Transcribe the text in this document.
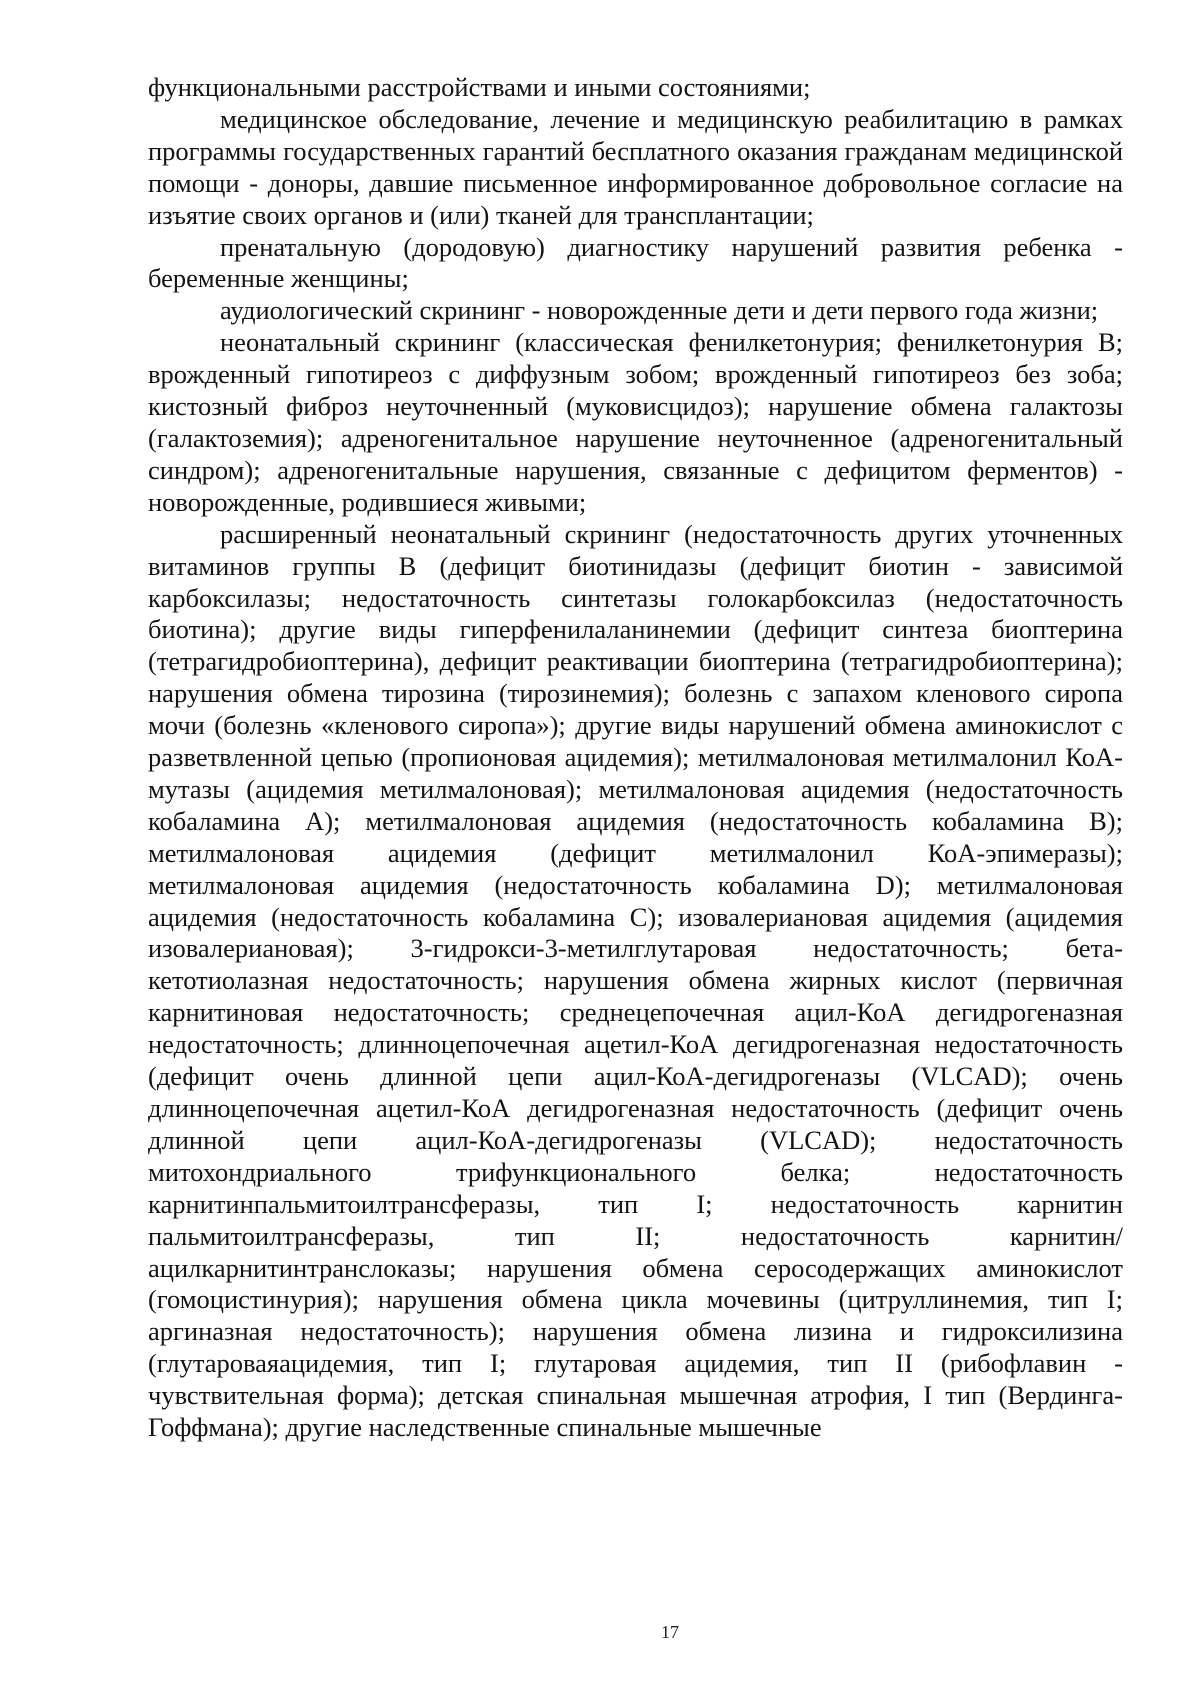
функциональными расстройствами и иными состояниями;

медицинское обследование, лечение и медицинскую реабилитацию в рамках программы государственных гарантий бесплатного оказания гражданам медицинской помощи - доноры, давшие письменное информированное добровольное согласие на изъятие своих органов и (или) тканей для трансплантации;

пренатальную (дородовую) диагностику нарушений развития ребенка - беременные женщины;

аудиологический скрининг - новорожденные дети и дети первого года жизни;

неонатальный скрининг (классическая фенилкетонурия; фенилкетонурия В; врожденный гипотиреоз с диффузным зобом; врожденный гипотиреоз без зоба; кистозный фиброз неуточненный (муковисцидоз); нарушение обмена галактозы (галактоземия); адреногенитальное нарушение неуточненное (адреногенитальный синдром); адреногенитальные нарушения, связанные с дефицитом ферментов) - новорожденные, родившиеся живыми;

расширенный неонатальный скрининг (недостаточность других уточненных витаминов группы В (дефицит биотинидазы (дефицит биотин - зависимой карбоксилазы; недостаточность синтетазы голокарбоксилаз (недостаточность биотина); другие виды гиперфенилаланинемии (дефицит синтеза биоптерина (тетрагидробиоптерина), дефицит реактивации биоптерина (тетрагидробиоптерина); нарушения обмена тирозина (тирозинемия); болезнь с запахом кленового сиропа мочи (болезнь «кленового сиропа»); другие виды нарушений обмена аминокислот с разветвленной цепью (пропионовая ацидемия); метилмалоновая метилмалонил КоА-мутазы (ацидемия метилмалоновая); метилмалоновая ацидемия (недостаточность кобаламина А); метилмалоновая ацидемия (недостаточность кобаламина В); метилмалоновая ацидемия (дефицит метилмалонил КоА-эпимеразы); метилмалоновая ацидемия (недостаточность кобаламина D); метилмалоновая ацидемия (недостаточность кобаламина С); изовалериановая ацидемия (ацидемия изовалериановая); 3-гидрокси-3-метилглутаровая недостаточность; бета-кетотиолазная недостаточность; нарушения обмена жирных кислот (первичная карнитиновая недостаточность; среднецепочечная ацил-КоА дегидрогеназная недостаточность; длинноцепочечная ацетил-КоА дегидрогеназная недостаточность (дефицит очень длинной цепи ацил-КоА-дегидрогеназы (VLCAD); очень длинноцепочечная ацетил-КоА дегидрогеназная недостаточность (дефицит очень длинной цепи ацил-КоА-дегидрогеназы (VLCAD); недостаточность митохондриального трифункционального белка; недостаточность карнитинпальмитоилтрансферазы, тип I; недостаточность карнитин пальмитоилтрансферазы, тип II; недостаточность карнитин/ацилкарнитинтранслоказы; нарушения обмена серосодержащих аминокислот (гомоцистинурия); нарушения обмена цикла мочевины (цитруллинемия, тип I; аргиназная недостаточность); нарушения обмена лизина и гидроксилизина (глутароваяацидемия, тип I; глутаровая ацидемия, тип II (рибофлавин - чувствительная форма); детская спинальная мышечная атрофия, I тип (Вердинга-Гоффмана); другие наследственные спинальные мышечные

17
